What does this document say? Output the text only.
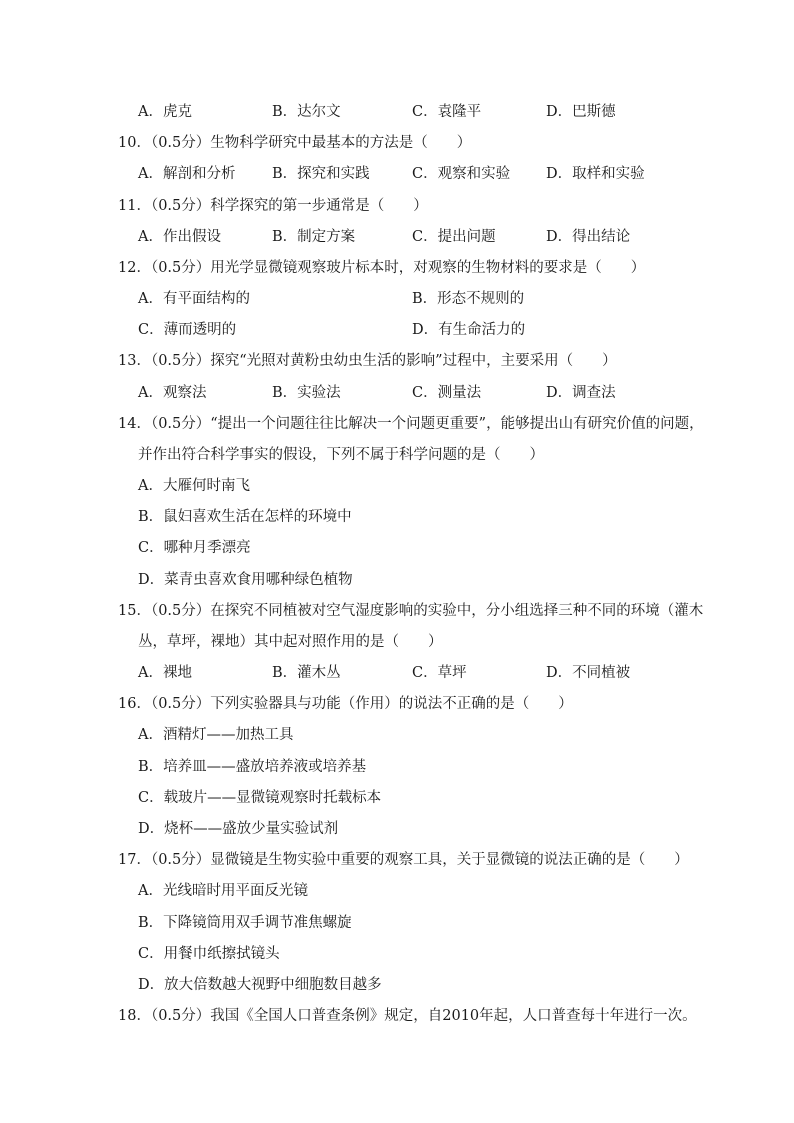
A．虎克	B．达尔文	C．袁隆平	D．巴斯德
10．（0.5分）生物科学研究中最基本的方法是（　　）
A．解剖和分析	B．探究和实践	C．观察和实验 D．取样和实验
11．（0.5分）科学探究的第一步通常是（　　）
A．作出假设	B．制定方案	C．提出问题	D．得出结论
12．（0.5分）用光学显微镜观察玻片标本时，对观察的生物材料的要求是（　　）
A．有平面结构的	B．形态不规则的
C．薄而透明的	D．有生命活力的
13．（0.5分）探究“光照对黄粉虫幼虫生活的影响”过程中，主要采用（　　）
A．观察法	B．实验法	C．测量法	D．调查法
14．（0.5分）“提出一个问题往往比解决一个问题更重要”，能够提出山有研究价值的问题，
并作出符合科学事实的假设，下列不属于科学问题的是（　　）
A．大雁何时南飞
B．鼠妇喜欢生活在怎样的环境中
C．哪种月季漂亮
D．菜青虫喜欢食用哪种绿色植物
15．（0.5分）在探究不同植被对空气湿度影响的实验中，分小组选择三种不同的环境（灌木
丛，草坪，裸地）其中起对照作用的是（　　）
A．裸地	B．灌木丛	C．草坪	D．不同植被
16．（0.5分）下列实验器具与功能（作用）的说法不正确的是（　　）
A．酒精灯——加热工具
B．培养皿——盛放培养液或培养基
C．载玻片——显微镜观察时托载标本
D．烧杯——盛放少量实验试剂
17．（0.5分）显微镜是生物实验中重要的观察工具，关于显微镜的说法正确的是（　　）
A．光线暗时用平面反光镜
B．下降镜筒用双手调节准焦螺旋
C．用餐巾纸擦拭镜头
D．放大倍数越大视野中细胞数目越多
18．（0.5分）我国《全国人口普查条例》规定，自2010年起，人口普查每十年进行一次。
